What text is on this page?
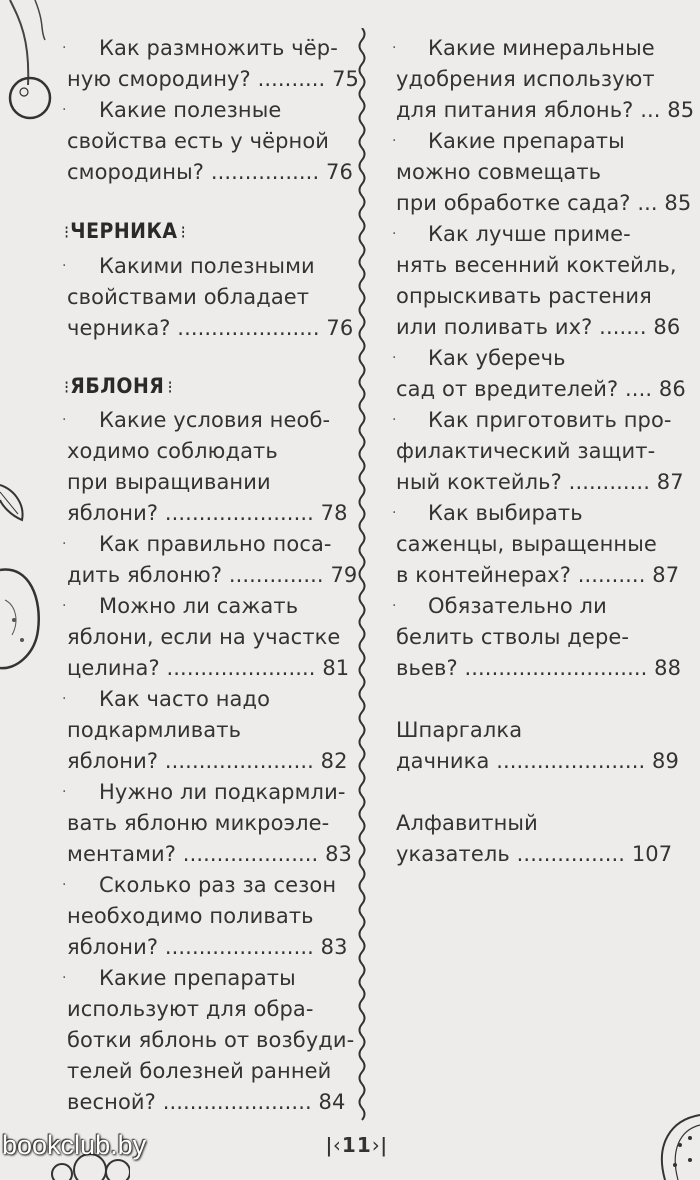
· Как размножить чёр-

ную смородину? .......... 75

· Какие полезные

свойства есть у чёрной

смородины? ................ 76

⁝ ЧЕРНИКА ⁝
· Какими полезными

свойствами обладает

черника? ..................... 76

⁝ ЯБЛОНЯ ⁝
· Какие условия необ-

ходимо соблюдать

при выращивании

яблони? ...................... 78

· Как правильно поса-

дить яблоню? .............. 79

· Можно ли сажать

яблони, если на участке

целина? ...................... 81

· Как часто надо

подкармливать

яблони? ...................... 82

· Нужно ли подкармли-

вать яблоню микроэле-

ментами? .................... 83

· Сколько раз за сезон

необходимо поливать

яблони? ...................... 83

· Какие препараты

используют для обра-

ботки яблонь от возбуди-

телей болезней ранней

весной? ...................... 84

· Какие минеральные

удобрения используют

для питания яблонь? ... 85

· Какие препараты

можно совмещать

при обработке сада? ... 85

· Как лучше приме-

нять весенний коктейль,

опрыскивать растения

или поливать их? ....... 86

· Как уберечь

сад от вредителей? .... 86

· Как приготовить про-

филактический защит-

ный коктейль? ............ 87

· Как выбирать

саженцы, выращенные

в контейнерах? .......... 87

· Обязательно ли

белить стволы дере-

вьев? ........................... 88

Шпаргалка

дачника ...................... 89

Алфавитный

указатель ................ 107

bookclub.by	ǀ‹11›ǀ
